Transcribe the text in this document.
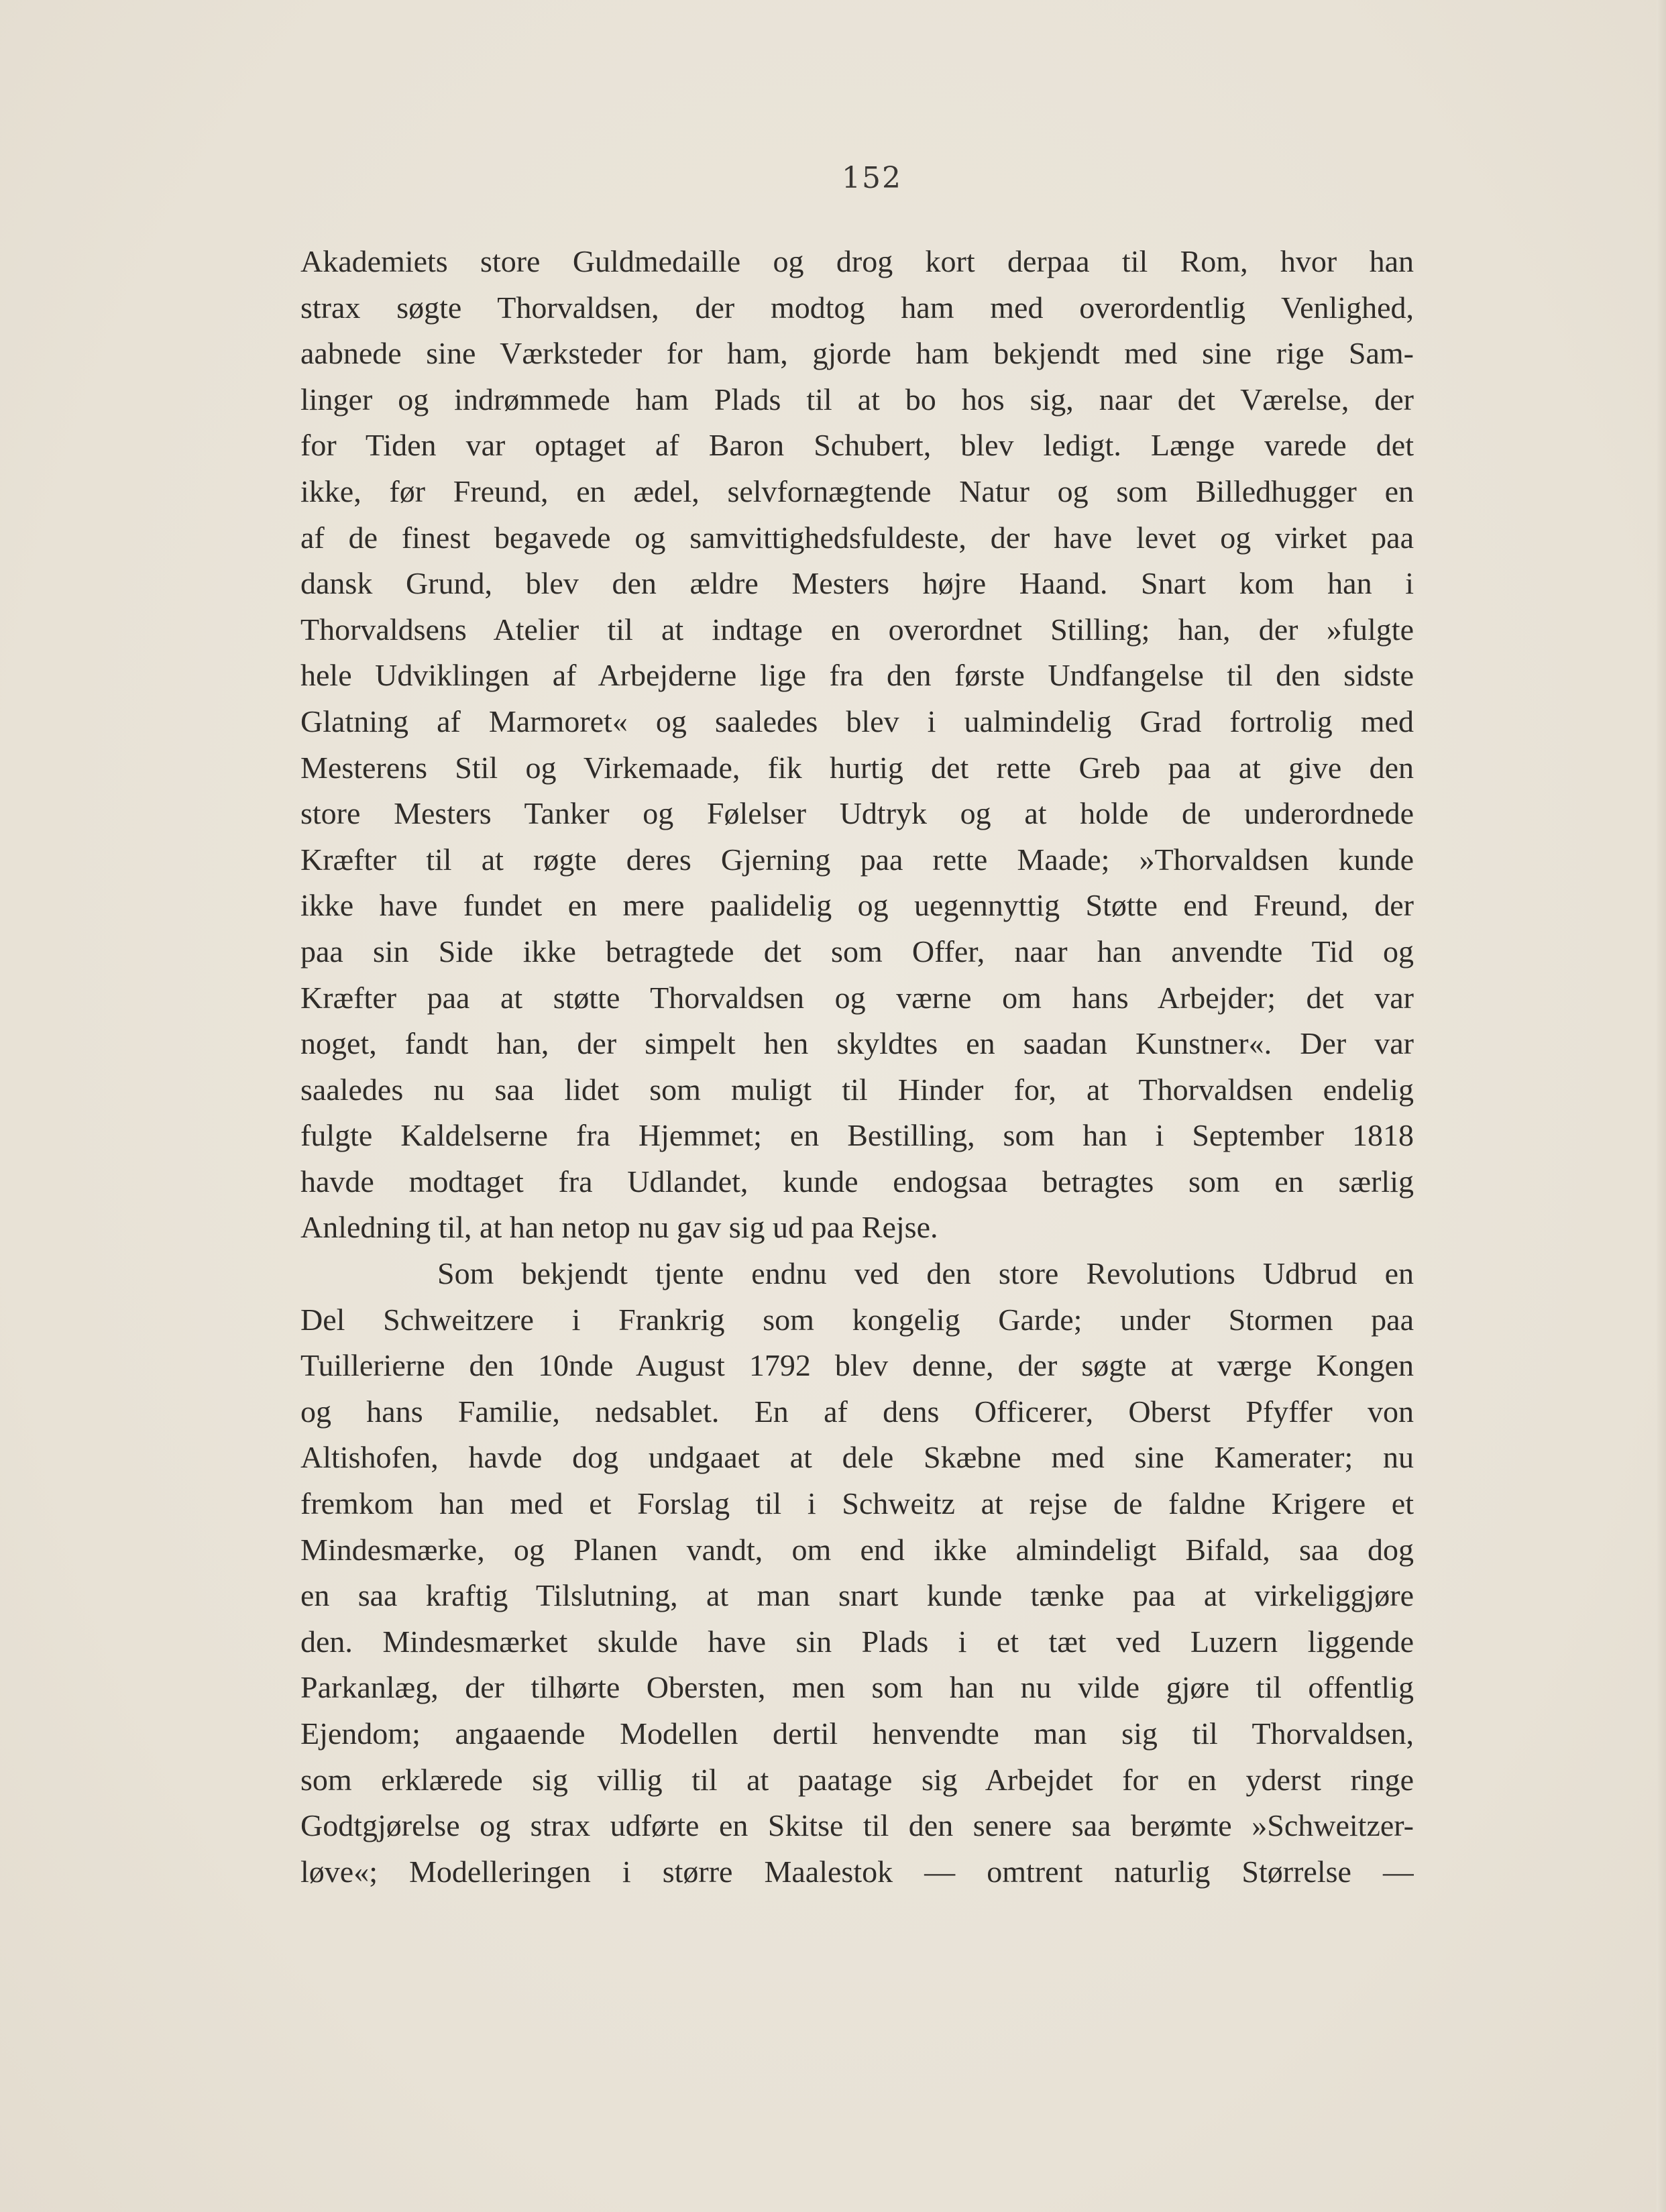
152
Akademiets store Guldmedaille og drog kort derpaa til Rom, hvor han
strax søgte Thorvaldsen, der modtog ham med overordentlig Venlighed,
aabnede sine Værksteder for ham, gjorde ham bekjendt med sine rige Sam-
linger og indrømmede ham Plads til at bo hos sig, naar det Værelse, der
for Tiden var optaget af Baron Schubert, blev ledigt. Længe varede det
ikke, før Freund, en ædel, selvfornægtende Natur og som Billedhugger en
af de finest begavede og samvittighedsfuldeste, der have levet og virket paa
dansk Grund, blev den ældre Mesters højre Haand. Snart kom han i
Thorvaldsens Atelier til at indtage en overordnet Stilling; han, der »fulgte
hele Udviklingen af Arbejderne lige fra den første Undfangelse til den sidste
Glatning af Marmoret« og saaledes blev i ualmindelig Grad fortrolig med
Mesterens Stil og Virkemaade, fik hurtig det rette Greb paa at give den
store Mesters Tanker og Følelser Udtryk og at holde de underordnede
Kræfter til at røgte deres Gjerning paa rette Maade; »Thorvaldsen kunde
ikke have fundet en mere paalidelig og uegennyttig Støtte end Freund, der
paa sin Side ikke betragtede det som Offer, naar han anvendte Tid og
Kræfter paa at støtte Thorvaldsen og værne om hans Arbejder; det var
noget, fandt han, der simpelt hen skyldtes en saadan Kunstner«. Der var
saaledes nu saa lidet som muligt til Hinder for, at Thorvaldsen endelig
fulgte Kaldelserne fra Hjemmet; en Bestilling, som han i September 1818
havde modtaget fra Udlandet, kunde endogsaa betragtes som en særlig
Anledning til, at han netop nu gav sig ud paa Rejse.
Som bekjendt tjente endnu ved den store Revolutions Udbrud en
Del Schweitzere i Frankrig som kongelig Garde; under Stormen paa
Tuillerierne den 10nde August 1792 blev denne, der søgte at værge Kongen
og hans Familie, nedsablet. En af dens Officerer, Oberst Pfyffer von
Altishofen, havde dog undgaaet at dele Skæbne med sine Kamerater; nu
fremkom han med et Forslag til i Schweitz at rejse de faldne Krigere et
Mindesmærke, og Planen vandt, om end ikke almindeligt Bifald, saa dog
en saa kraftig Tilslutning, at man snart kunde tænke paa at virkeliggjøre
den. Mindesmærket skulde have sin Plads i et tæt ved Luzern liggende
Parkanlæg, der tilhørte Obersten, men som han nu vilde gjøre til offentlig
Ejendom; angaaende Modellen dertil henvendte man sig til Thorvaldsen,
som erklærede sig villig til at paatage sig Arbejdet for en yderst ringe
Godtgjørelse og strax udførte en Skitse til den senere saa berømte »Schweitzer-
løve«; Modelleringen i større Maalestok — omtrent naturlig Størrelse —
